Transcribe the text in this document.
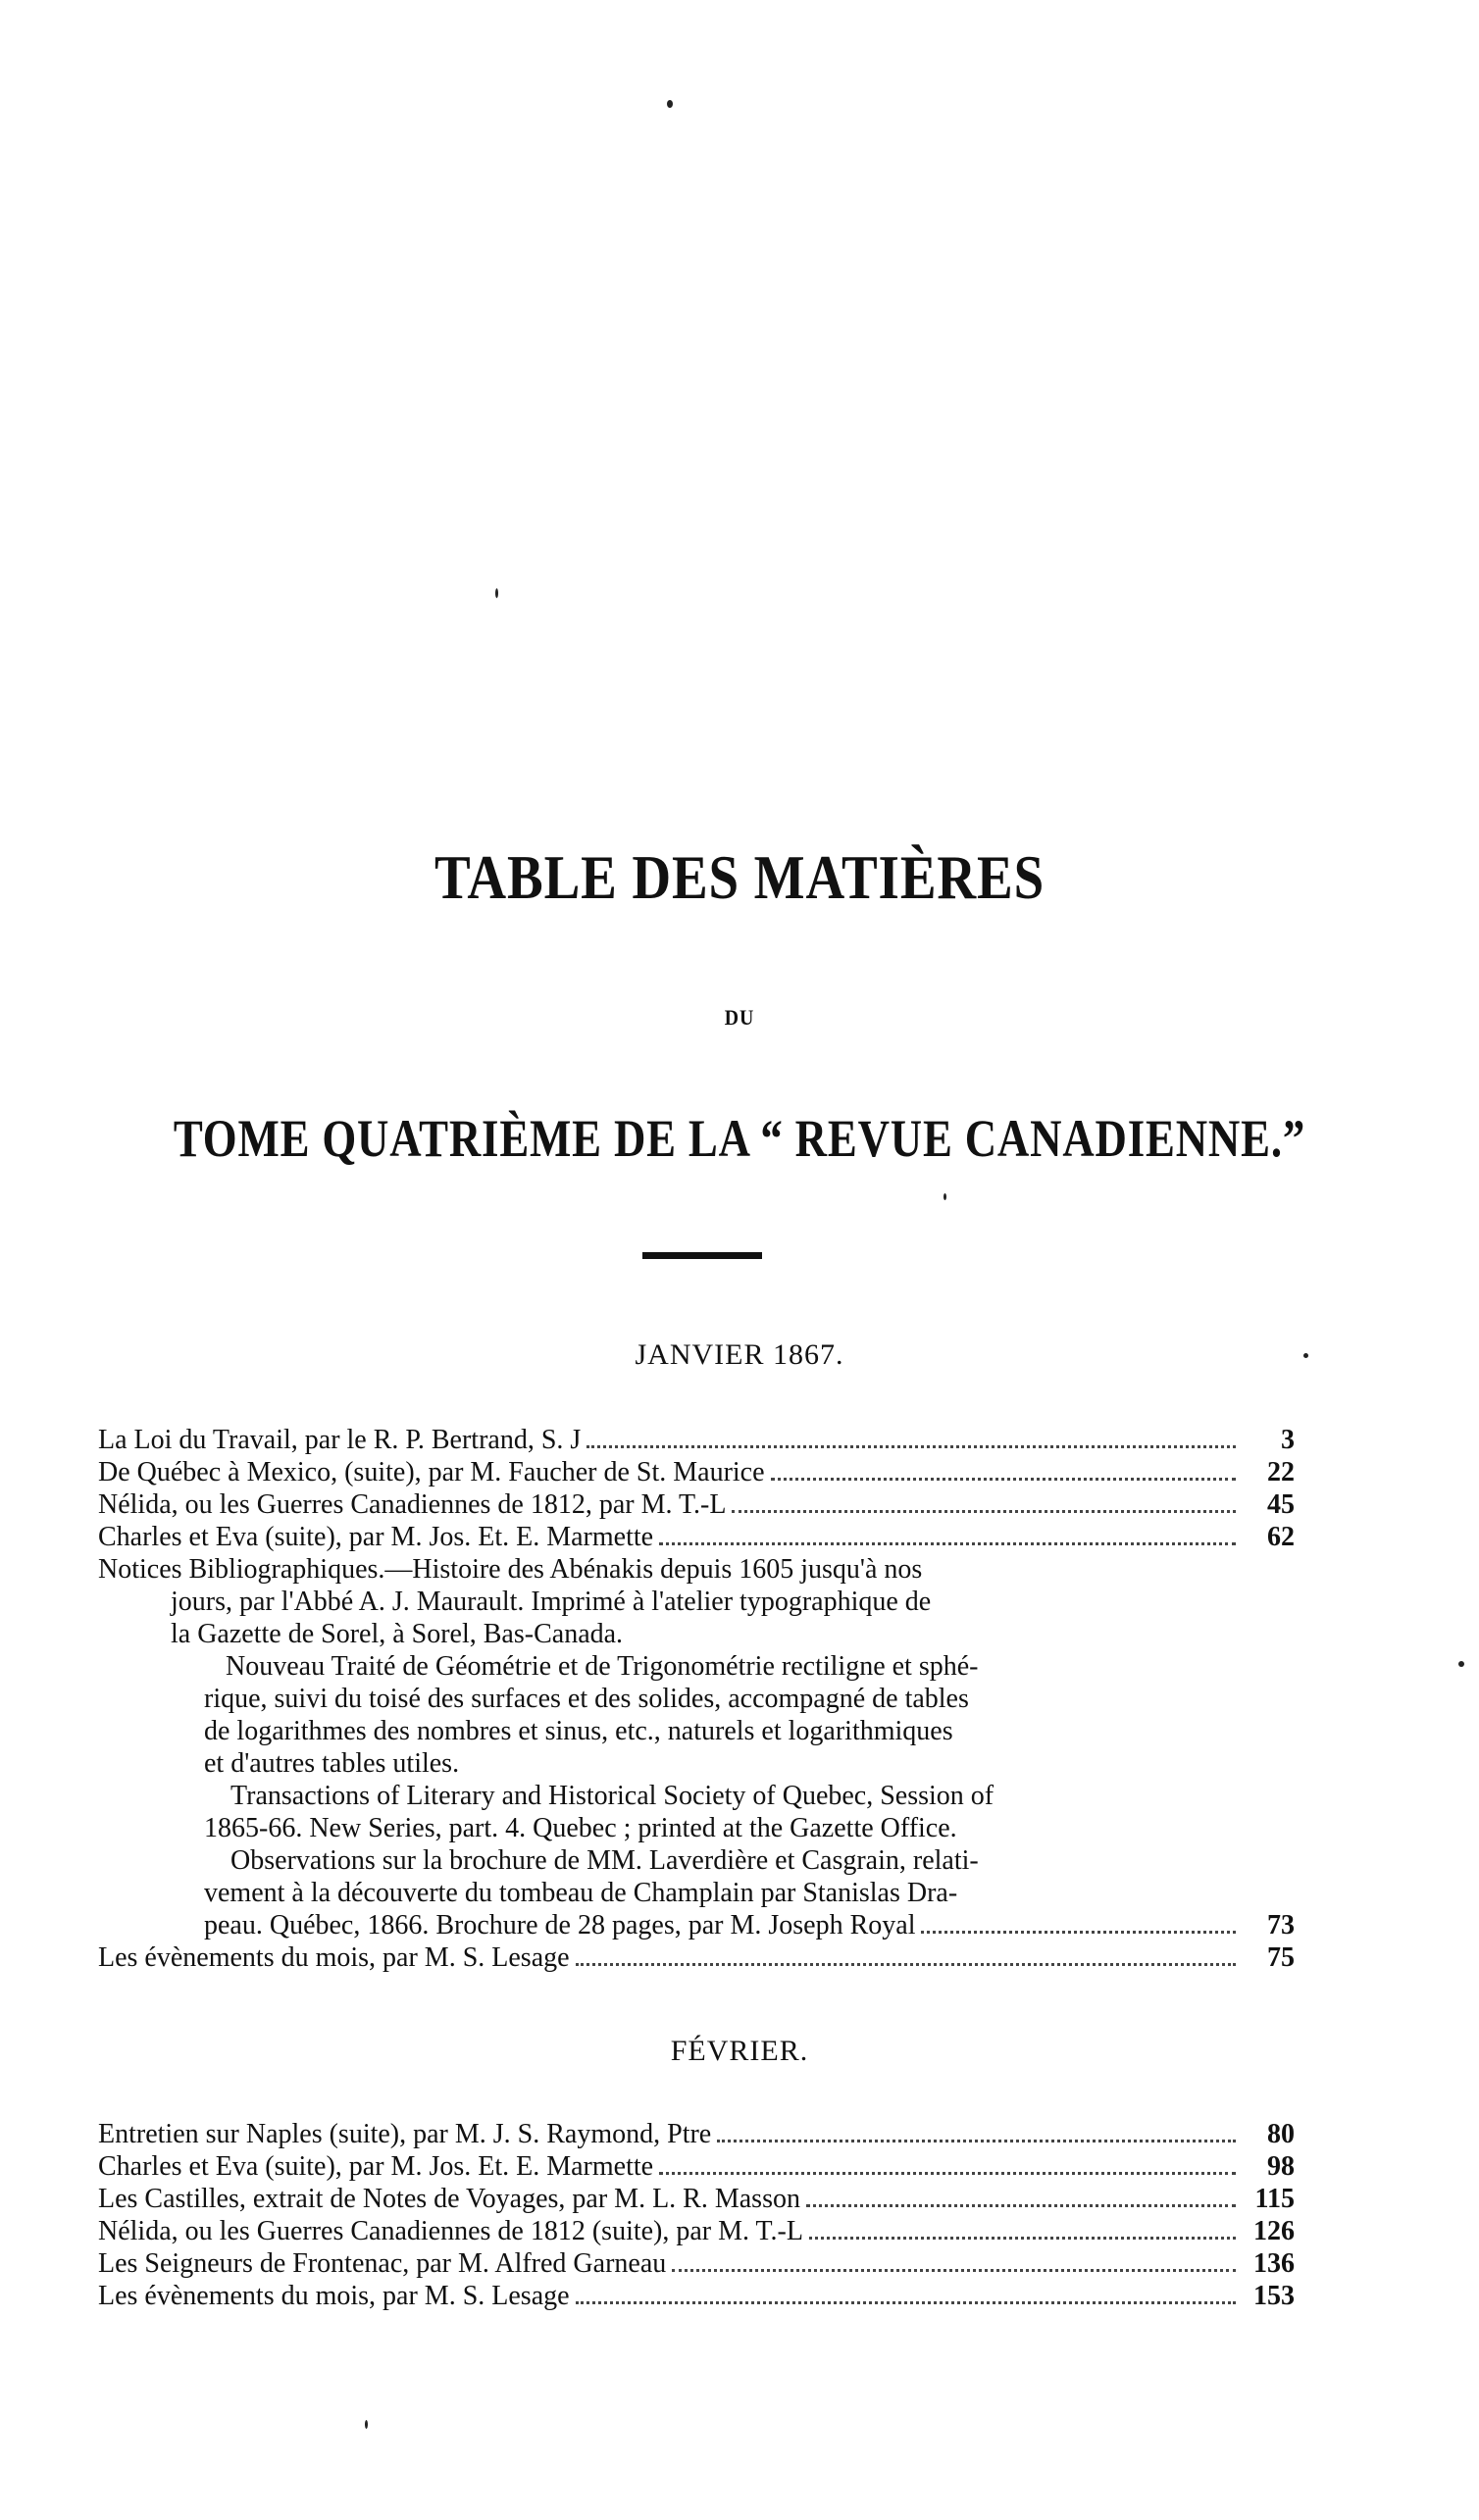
TABLE DES MATIÈRES
DU
TOME QUATRIÈME DE LA “ REVUE CANADIENNE.”
JANVIER 1867.
La Loi du Travail, par le R. P. Bertrand, S. J	3
De Québec à Mexico, (suite), par M. Faucher de St. Maurice	22
Nélida, ou les Guerres Canadiennes de 1812, par M. T.-L	45
Charles et Eva (suite), par M. Jos. Et. E. Marmette	62
Notices Bibliographiques.—Histoire des Abénakis depuis 1605 jusqu'à nos
jours, par l'Abbé A. J. Maurault. Imprimé à l'atelier typographique de
la Gazette de Sorel, à Sorel, Bas-Canada.
Nouveau Traité de Géométrie et de Trigonométrie rectiligne et sphé-
rique, suivi du toisé des surfaces et des solides, accompagné de tables
de logarithmes des nombres et sinus, etc., naturels et logarithmiques
et d'autres tables utiles.
Transactions of Literary and Historical Society of Quebec, Session of
1865-66. New Series, part. 4. Quebec ; printed at the Gazette Office.
Observations sur la brochure de MM. Laverdière et Casgrain, relati-
vement à la découverte du tombeau de Champlain par Stanislas Dra-
peau. Québec, 1866. Brochure de 28 pages, par M. Joseph Royal	73
Les évènements du mois, par M. S. Lesage	75
FÉVRIER.
Entretien sur Naples (suite), par M. J. S. Raymond, Ptre	80
Charles et Eva (suite), par M. Jos. Et. E. Marmette	98
Les Castilles, extrait de Notes de Voyages, par M. L. R. Masson	115
Nélida, ou les Guerres Canadiennes de 1812 (suite), par M. T.-L	126
Les Seigneurs de Frontenac, par M. Alfred Garneau	136
Les évènements du mois, par M. S. Lesage	153
